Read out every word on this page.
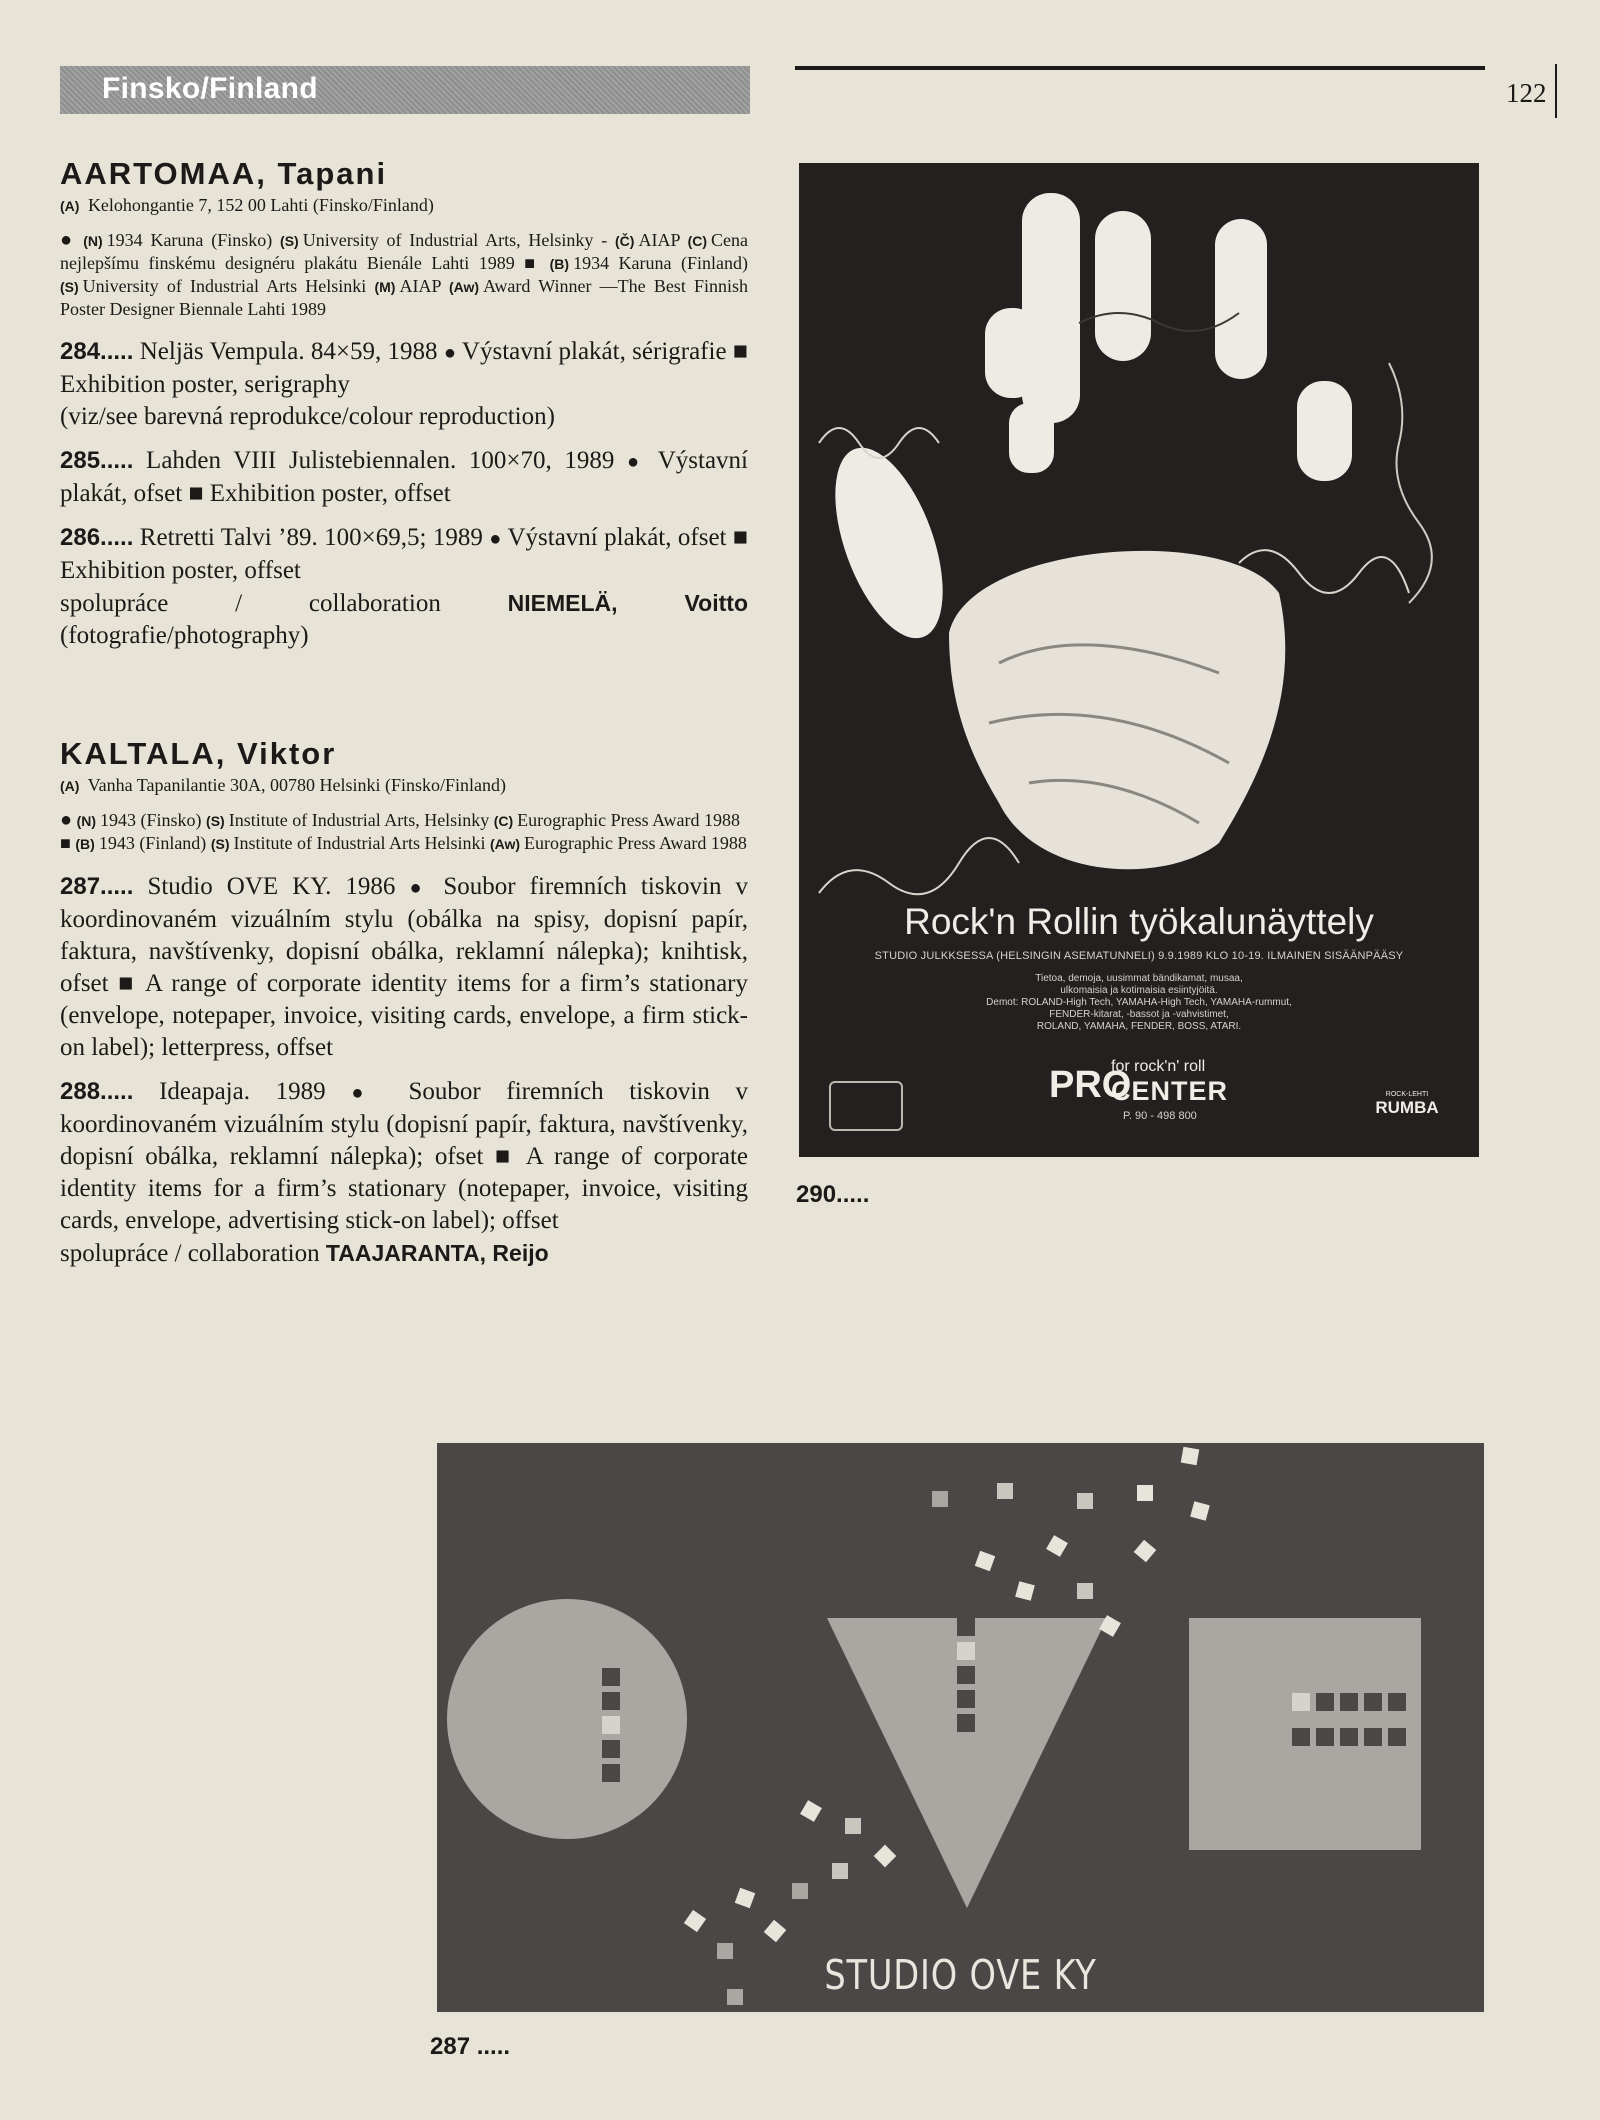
Finsko/Finland	122
AARTOMAA, Tapani
(A) Kelohongantie 7, 152 00 Lahti (Finsko/Finland)
● (N) 1934 Karuna (Finsko) (S) University of Industrial Arts, Helsinky - (Č) AIAP (C) Cena nejlepšímu finskému designéru plakátu Bienále Lahti 1989 ■ (B) 1934 Karuna (Finland) (S) University of Industrial Arts Helsinki (M) AIAP (Aw) Award Winner —The Best Finnish Poster Designer Biennale Lahti 1989
284..... Neljäs Vempula. 84×59, 1988 ● Výstavní plakát, sérigrafie ■ Exhibition poster, serigraphy
(viz/see barevná reprodukce/colour reproduction)
285..... Lahden VIII Julistebiennalen. 100×70, 1989 ● Výstavní plakát, ofset ■ Exhibition poster, offset
286..... Retretti Talvi ’89. 100×69,5; 1989 ● Výstavní plakát, ofset ■ Exhibition poster, offset
spolupráce / collaboration	NIEMELÄ, Voitto (fotografie/photography)
KALTALA, Viktor
(A) Vanha Tapanilantie 30A, 00780 Helsinki (Finsko/Finland)
● (N) 1943 (Finsko) (S) Institute of Industrial Arts, Helsinky (C) Eurographic Press Award 1988
■ (B) 1943 (Finland) (S) Institute of Industrial Arts Helsinki (Aw) Eurographic Press Award 1988
287..... Studio OVE KY. 1986 ● Soubor firemních tiskovin v koordinovaném vizuálním stylu (obálka na spisy, dopisní papír, faktura, navštívenky, dopisní obálka, reklamní nálepka); knihtisk, ofset ■ A range of corporate identity items for a firm’s stationary (envelope, notepaper, invoice, visiting cards, envelope, a firm stick-on label); letterpress, offset
288..... Ideapaja. 1989 ● Soubor firemních tiskovin v koordinovaném vizuálním stylu (dopisní papír, faktura, navštívenky, dopisní obálka, reklamní nálepka); ofset ■ A range of corporate identity items for a firm’s stationary (notepaper, invoice, visiting cards, envelope, advertising stick-on label); offset
spolupráce / collaboration TAAJARANTA, Reijo
Rock'n Rollin työkalunäyttely
STUDIO JULKKSESSA (HELSINGIN ASEMATUNNELI) 9.9.1989 KLO 10-19. ILMAINEN SISÄÄNPÄÄSY
Tietoa, demoja, uusimmat bändikamat, musaa,
ulkomaisia ja kotimaisia esiintyjöitä.
Demot: ROLAND-High Tech, YAMAHA-High Tech, YAMAHA-rummut,
FENDER-kitarat, -bassot ja -vahvistimet,
ROLAND, YAMAHA, FENDER, BOSS, ATARI.
PRO
for rock'n' roll
CENTER
P. 90 - 498 800
ROCK-LEHTI
RUMBA
290.....
STUDIO OVE KY
287 .....
